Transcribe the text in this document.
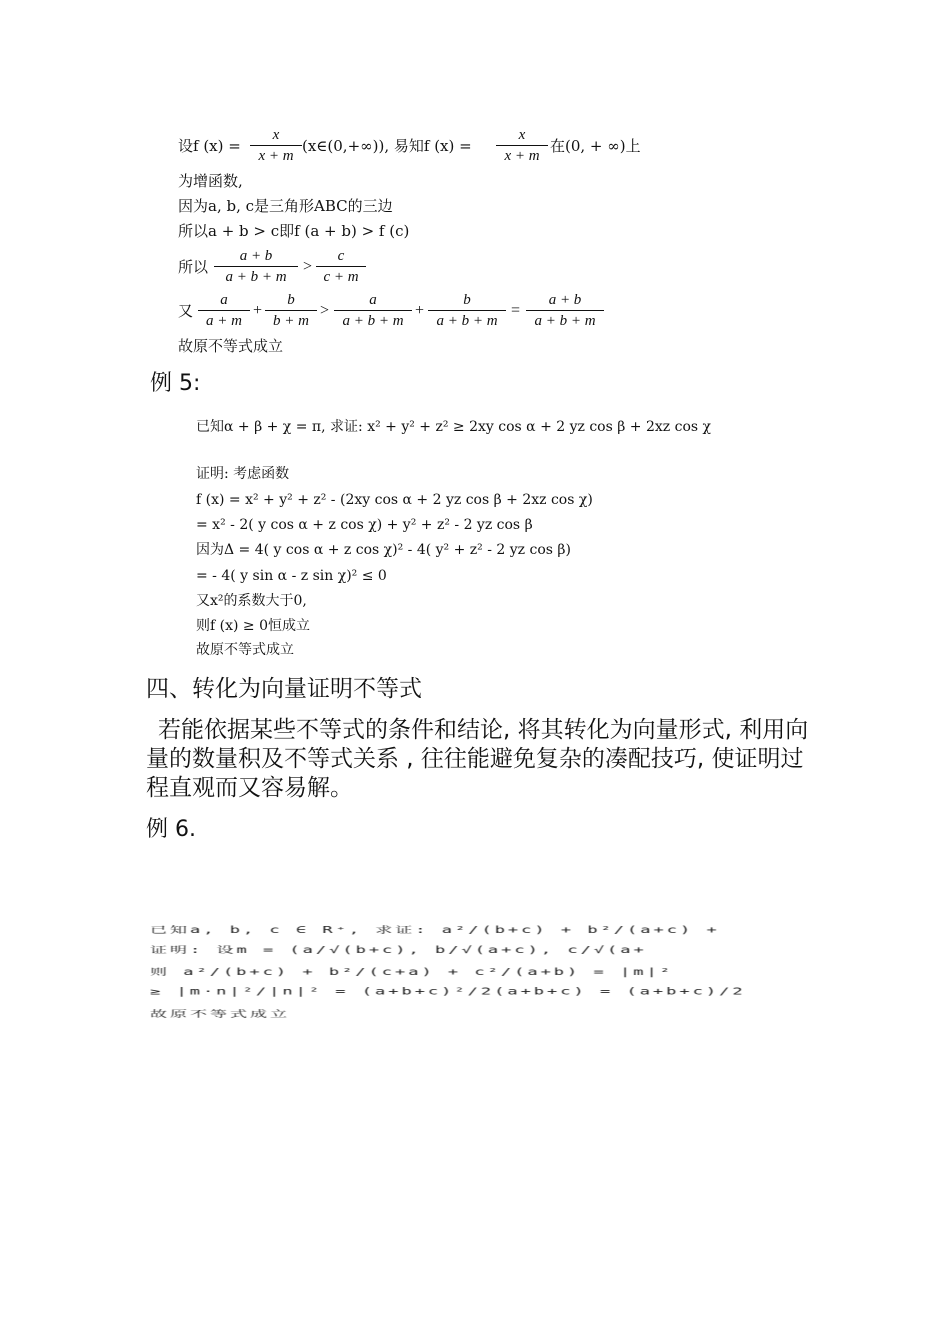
设f $(x) = \frac{x}{x + m}$ (x∈(0,+∞)), 易知f $(x) = \frac{x}{x + m}$ 在(0, + ∞)上
为增函数,
因为a, b, c是三角形ABC的三边
所以a + b > c即f (a + b) > f (c)
所以 $\frac{a + b}{a + b + m} > \frac{c}{c + m}$
又 $\frac{a}{a + m} + \frac{b}{b + m} > \frac{a}{a + b + m} + \frac{b}{a + b + m} = \frac{a + b}{a + b + m}$
故原不等式成立
例 5:
已知α + β + χ = π, 求证: x² + y² + z² ≥ 2xy cos α + 2 yz cos β + 2xz cos χ
证明: 考虑函数
f (x) = x² + y² + z² - (2xy cos α + 2 yz cos β + 2xz cos χ)
= x² - 2( y cos α + z cos χ) + y² + z² - 2 yz cos β
因为Δ = 4( y cos α + z cos χ)² - 4( y² + z² - 2 yz cos β)
= - 4( y sin α - z sin χ)² ≤ 0
又x²的系数大于0,
则f (x) ≥ 0恒成立
故原不等式成立
四、转化为向量证明不等式
若能依据某些不等式的条件和结论, 将其转化为向量形式, 利用向量的数量积及不等式关系 , 往往能避免复杂的凑配技巧, 使证明过程直观而又容易解。
例 6.
已知a, b, c ∈ R⁺, 求证: a²/(b+c) + b²/(a+c) +
证明: 设m = (a/√(b+c), b/√(a+c), c/√(a+
则 a²/(b+c) + b²/(c+a) + c²/(a+b) = |m|²
≥ |m·n|²/|n|² = (a+b+c)²/2(a+b+c) = (a+b+c)/2
故原不等式成立
